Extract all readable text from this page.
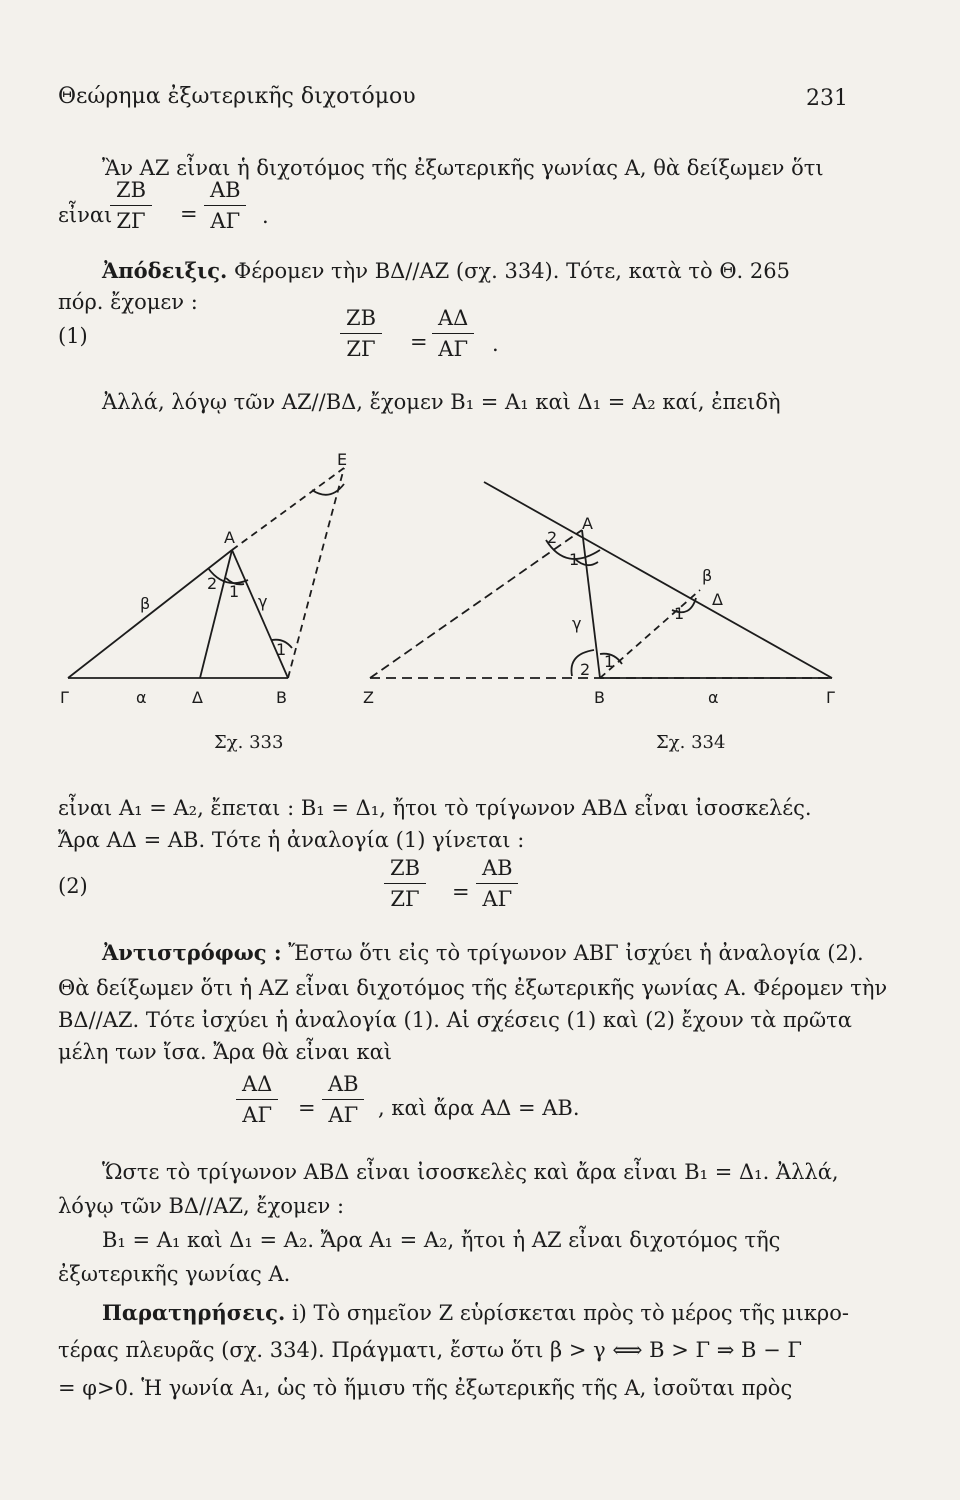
Θεώρημα ἐξωτερικῆς διχοτόμου	231
Ἂν ΑΖ εἶναι ἡ διχοτόμος τῆς ἐξωτερικῆς γωνίας Α, θὰ δείξωμεν ὅτι
εἶναι
$\frac{ZB}{Z\Gamma} = \frac{AB}{A\Gamma}$ .
Ἀπόδειξις. Φέρομεν τὴν ΒΔ//ΑΖ (σχ. 334). Τότε, κατὰ τὸ Θ. 265
πόρ. ἔχομεν :
(1)	$\frac{ZB}{Z\Gamma} = \frac{A\Delta}{A\Gamma}$ .
Ἀλλά, λόγῳ τῶν ΑΖ//ΒΔ, ἔχομεν Β₁ = Α₁ καὶ Δ₁ = Α₂ καί, ἐπειδὴ
Ε
Α
β	γ
2 1
1
Γ	α	Δ	Β
Α
2
1
β
Δ
γ
1
2 1
Ζ	Β	α	Γ
Σχ. 333	Σχ. 334
εἶναι Α₁ = Α₂, ἔπεται : Β₁ = Δ₁, ἤτοι τὸ τρίγωνον ΑΒΔ εἶναι ἰσοσκελές.
Ἄρα ΑΔ = ΑΒ. Τότε ἡ ἀναλογία (1) γίνεται :
(2)	$\frac{ZB}{Z\Gamma} = \frac{AB}{A\Gamma}$
Ἀντιστρόφως : Ἔστω ὅτι εἰς τὸ τρίγωνον ΑΒΓ ἰσχύει ἡ ἀναλογία (2).
Θὰ δείξωμεν ὅτι ἡ ΑΖ εἶναι διχοτόμος τῆς ἐξωτερικῆς γωνίας Α. Φέρομεν τὴν
ΒΔ//ΑΖ. Τότε ἰσχύει ἡ ἀναλογία (1). Αἱ σχέσεις (1) καὶ (2) ἔχουν τὰ πρῶτα
μέλη των ἴσα. Ἄρα θὰ εἶναι καὶ
$\frac{A\Delta}{A\Gamma} = \frac{AB}{A\Gamma}$ , καὶ ἄρα ΑΔ = ΑΒ.
Ὥστε τὸ τρίγωνον ΑΒΔ εἶναι ἰσοσκελὲς καὶ ἄρα εἶναι Β₁ = Δ₁. Ἀλλά,
λόγῳ τῶν ΒΔ//ΑΖ, ἔχομεν :
Β₁ = Α₁ καὶ Δ₁ = Α₂. Ἄρα Α₁ = Α₂, ἤτοι ἡ ΑΖ εἶναι διχοτόμος τῆς
ἐξωτερικῆς γωνίας Α.
Παρατηρήσεις. i) Τὸ σημεῖον Ζ εὑρίσκεται πρὸς τὸ μέρος τῆς μικρο-
τέρας πλευρᾶς (σχ. 334). Πράγματι, ἔστω ὅτι β > γ ⟺ Β > Γ ⇒ Β − Γ
= φ>0. Ἡ γωνία Α₁, ὡς τὸ ἥμισυ τῆς ἐξωτερικῆς τῆς Α, ἰσοῦται πρὸς
